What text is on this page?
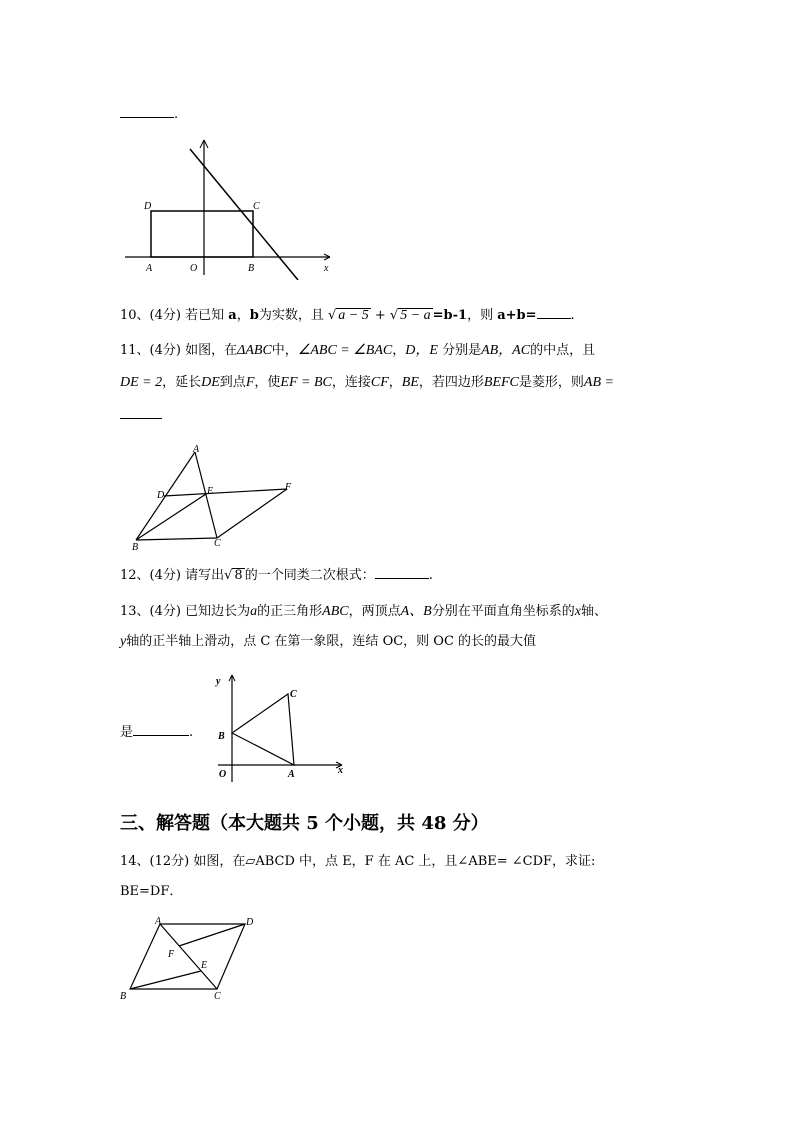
.
D	C
A	O	B	x
10、(4分) 若已知 a，b为实数，且 √ a − 5 + √ 5 − a =b-1，则 a+b=	.
11、(4分) 如图，在ΔABC中，∠ABC = ∠BAC，D，E 分别是AB，AC的中点，且
DE = 2，延长DE到点F，使EF = BC，连接CF，BE，若四边形BEFC是菱形，则AB =
A
D	E	F
B	C
12、(4分) 请写出√ 8 的一个同类二次根式：	.
13、(4分) 已知边长为a的正三角形ABC，两顶点A、B分别在平面直角坐标系的x轴、
y轴的正半轴上滑动，点 C 在第一象限，连结 OC，则 OC 的长的最大值
是	.
y
C
B
O	A	x
三、解答题（本大题共 5 个小题，共 48 分）
14、(12分) 如图，在▱ABCD 中，点 E，F 在 AC 上，且∠ABE= ∠CDF，求证:
BE=DF．
A	D
F
E
B	C
